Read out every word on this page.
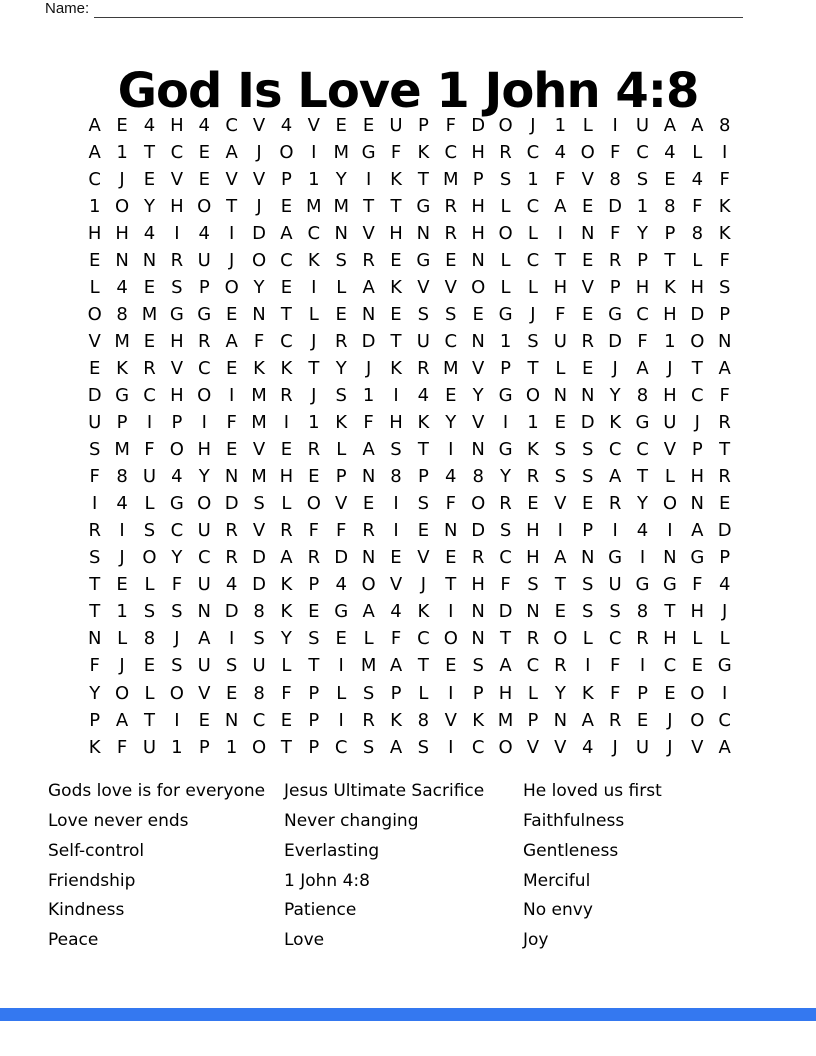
Name:
God Is Love 1 John 4:8
A E 4 H 4 C V 4 V E E U P F D O J	1 L	I	U A A 8
A 1 T C E A	J O I M G F K C H R C 4 O F C 4 L	I
C	J	E V E V V P 1 Y	I	K T M P S 1 F V 8 S E 4 F
1 O Y H O T	J	E M M T T G R H L C A E D 1 8 F K
H H 4	I	4	I D A C N V H N R H O L	I	N F Y P 8 K
E N N R U	J O C K S R E G E N L C T E R P T L F
L 4 E S P O Y E	I	L A K V V O L L H V P H K H S
O 8 M G G E N T L E N E S S E G J	F E G C H D P
V M E H R A F C	J	R D T U C N 1 S U R D F 1 O N
E K R V C E K K T Y	J	K R M V P T L E	J	A	J	T A
D G C H O I M R	J	S 1	I	4 E Y G O N N Y 8 H C F
U P	I	P	I	F M I	1 K F H K Y V	I	1 E D K G U	J	R
S M F O H E V E R L A S T	I	N G K S S C C V P T
F 8 U 4 Y N M H E P N 8 P 4 8 Y R S S A T L H R
I	4 L G O D S L O V E	I	S F O R E V E R Y O N E
R	I	S C U R V R F F R	I	E N D S H I	P	I	4	I	A D
S	J O Y C R D A R D N E V E R C H A N G I	N G P
T E L F U 4 D K P 4 O V	J	T H F S T S U G G F 4
T 1 S S N D 8 K E G A 4 K	I	N D N E S S 8 T H J
N L 8	J	A	I	S Y S E L F C O N T R O L C R H L L
F	J	E S U S U L T	I M A T E S A C R	I	F	I	C E G
Y O L O V E 8 F P L S P L	I	P H L Y K F P E O I
P A T	I	E N C E P	I	R K 8 V K M P N A R E	J O C
K F U 1 P 1 O T P C S A S	I	C O V V 4	J	U	J	V A
Gods love is for everyone
Love never ends
Self-control
Friendship
Kindness
Peace
Jesus Ultimate Sacrifice
Never changing
Everlasting
1 John 4:8
Patience
Love
He loved us first
Faithfulness
Gentleness
Merciful
No envy
Joy
